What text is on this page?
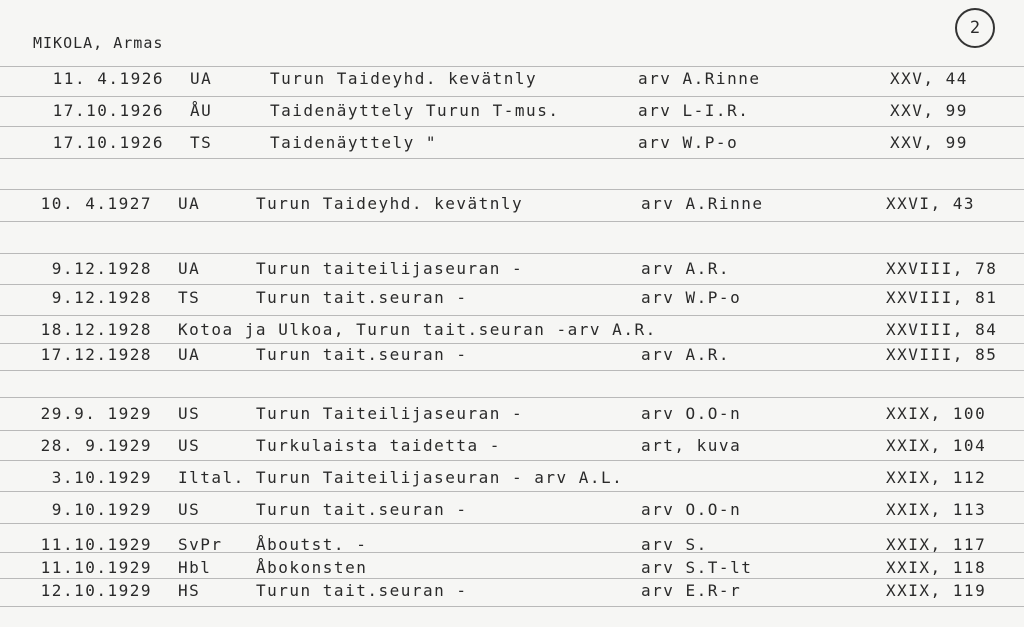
MIKOLA, Armas
2
11. 4.1926 UA	Turun Taideyhd. kevätnly	arv A.Rinne	XXV, 44
17.10.1926 ÅU	Taidenäyttely Turun T-mus.	arv L-I.R.	XXV, 99
17.10.1926 TS	Taidenäyttely "	arv W.P-o	XXV, 99
10. 4.1927 UA	Turun Taideyhd. kevätnly	arv A.Rinne	XXVI, 43
9.12.1928 UA	Turun taiteilijaseuran -	arv A.R.	XXVIII, 78
9.12.1928 TS	Turun tait.seuran -	arv W.P-o	XXVIII, 81
18.12.1928 Kotoa ja Ulkoa, Turun tait.seuran -arv A.R.	XXVIII, 84
17.12.1928 UA	Turun tait.seuran -	arv A.R.	XXVIII, 85
29.9. 1929 US	Turun Taiteilijaseuran -	arv O.O-n	XXIX, 100
28. 9.1929 US	Turkulaista taidetta -	art, kuva	XXIX, 104
3.10.1929 Iltal. Turun Taiteilijaseuran - arv A.L.	XXIX, 112
9.10.1929 US	Turun tait.seuran -	arv O.O-n	XXIX, 113
11.10.1929 SvPr Åboutst. -	arv S.	XXIX, 117
11.10.1929 Hbl	Åbokonsten	arv S.T-lt	XXIX, 118
12.10.1929 HS	Turun tait.seuran -	arv E.R-r	XXIX, 119
